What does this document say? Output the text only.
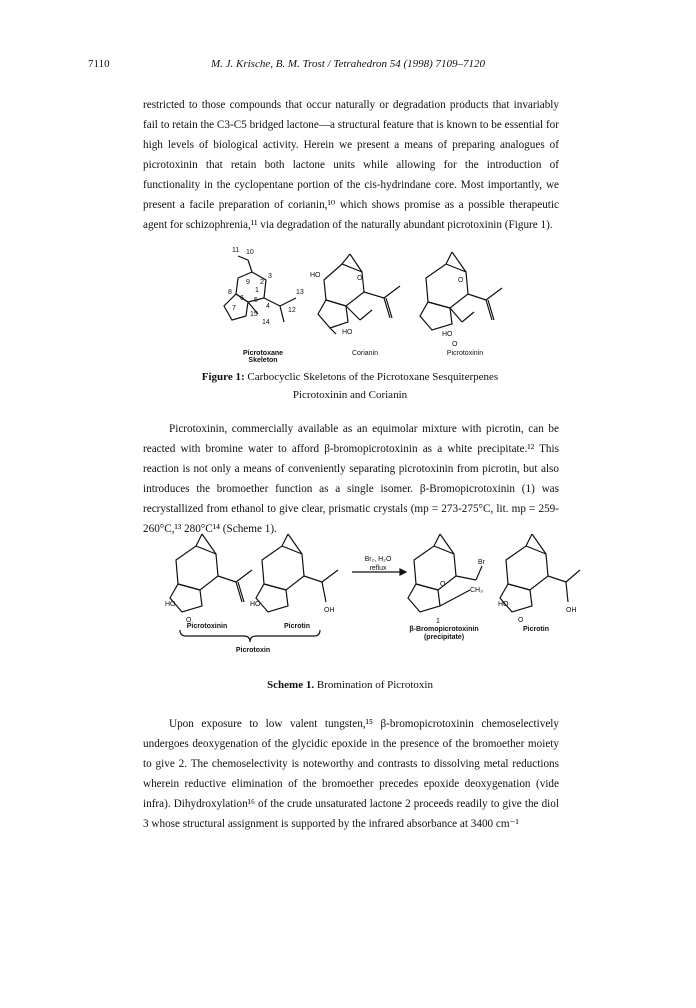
7110	M. J. Krische, B. M. Trost / Tetrahedron 54 (1998) 7109–7120

restricted to those compounds that occur naturally or degradation products that invariably fail to retain the C3-C5 bridged lactone—a structural feature that is known to be essential for high levels of biological activity. Herein we present a means of preparing analogues of picrotoxinin that retain both lactone units while allowing for the introduction of functionality in the cyclopentane portion of the cis-hydrindane core. Most importantly, we present a facile preparation of corianin,¹⁰ which shows promise as a possible therapeutic agent for schizophrenia,¹¹ via degradation of the naturally abundant picrotoxinin (Figure 1).

11 10
3
9
1
2
8
6
4
13
7
5
12
15
14
HO	O
HO
O
HO
O
Picrotoxane Skeleton
Corianin	Picrotoxinin
Figure 1: Carbocyclic Skeletons of the Picrotoxane Sesquiterpenes Picrotoxinin and Corianin

Picrotoxinin, commercially available as an equimolar mixture with picrotin, can be reacted with bromine water to afford β-bromopicrotoxinin as a white precipitate.¹² This reaction is not only a means of conveniently separating picrotoxinin from picrotin, but also introduces the bromoether function as a single isomer. β-Bromopicrotoxinin (1) was recrystallized from ethanol to give clear, prismatic crystals (mp = 273-275°C, lit. mp = 259-260°C,¹³ 280°C¹⁴ (Scheme 1).

OH
HO
O
HO
O
Br
CH₃
HO
OH
O
Br₂, H₂O
reflux
Picrotoxinin	Picrotin
1
β-Bromopicrotoxinin
(precipitate)
Picrotin
Picrotoxin
Scheme 1. Bromination of Picrotoxin

Upon exposure to low valent tungsten,¹⁵ β-bromopicrotoxinin chemoselectively undergoes deoxygenation of the glycidic epoxide in the presence of the bromoether moiety to give 2. The chemoselectivity is noteworthy and contrasts to dissolving metal reductions wherein reductive elimination of the bromoether precedes epoxide deoxygenation (vide infra). Dihydroxylation¹⁶ of the crude unsaturated lactone 2 proceeds readily to give the diol 3 whose structural assignment is supported by the infrared absorbance at 3400 cm⁻¹
